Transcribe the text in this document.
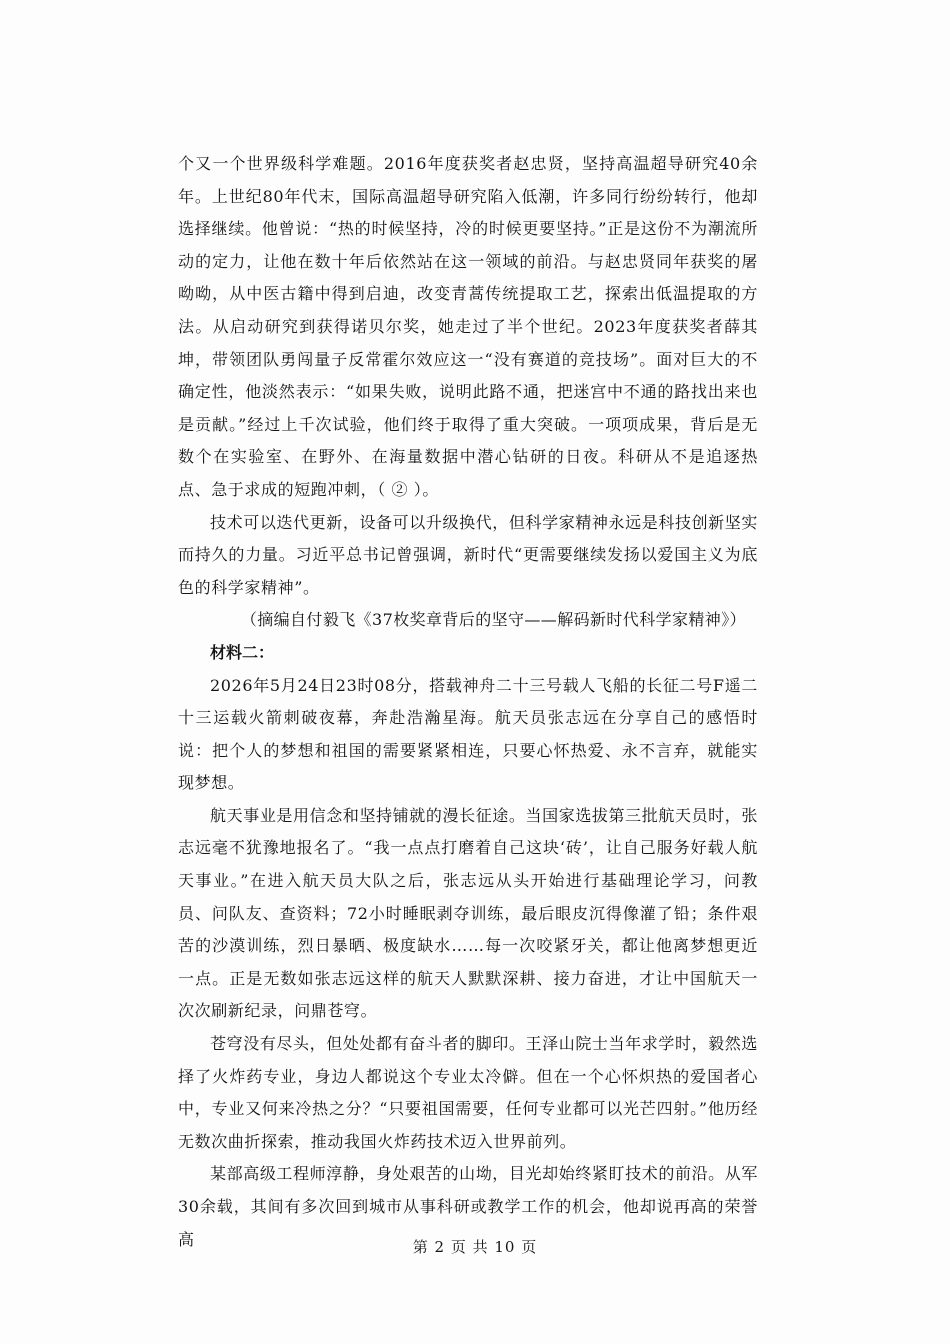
个又一个世界级科学难题。2016年度获奖者赵忠贤，坚持高温超导研究40余年。上世纪80年代末，国际高温超导研究陷入低潮，许多同行纷纷转行，他却选择继续。他曾说：“热的时候坚持，冷的时候更要坚持。”正是这份不为潮流所动的定力，让他在数十年后依然站在这一领域的前沿。与赵忠贤同年获奖的屠呦呦，从中医古籍中得到启迪，改变青蒿传统提取工艺，探索出低温提取的方法。从启动研究到获得诺贝尔奖，她走过了半个世纪。2023年度获奖者薛其坤，带领团队勇闯量子反常霍尔效应这一“没有赛道的竞技场”。面对巨大的不确定性，他淡然表示：“如果失败，说明此路不通，把迷宫中不通的路找出来也是贡献。”经过上千次试验，他们终于取得了重大突破。一项项成果，背后是无数个在实验室、在野外、在海量数据中潜心钻研的日夜。科研从不是追逐热点、急于求成的短跑冲刺，（ ② ）。

技术可以迭代更新，设备可以升级换代，但科学家精神永远是科技创新坚实而持久的力量。习近平总书记曾强调，新时代“更需要继续发扬以爱国主义为底色的科学家精神”。

（摘编自付毅飞《37枚奖章背后的坚守——解码新时代科学家精神》）

材料二：

2026年5月24日23时08分，搭载神舟二十三号载人飞船的长征二号F遥二十三运载火箭刺破夜幕，奔赴浩瀚星海。航天员张志远在分享自己的感悟时说：把个人的梦想和祖国的需要紧紧相连，只要心怀热爱、永不言弃，就能实现梦想。

航天事业是用信念和坚持铺就的漫长征途。当国家选拔第三批航天员时，张志远毫不犹豫地报名了。“我一点点打磨着自己这块‘砖’，让自己服务好载人航天事业。”在进入航天员大队之后，张志远从头开始进行基础理论学习，问教员、问队友、查资料；72小时睡眠剥夺训练，最后眼皮沉得像灌了铅；条件艰苦的沙漠训练，烈日暴晒、极度缺水……每一次咬紧牙关，都让他离梦想更近一点。正是无数如张志远这样的航天人默默深耕、接力奋进，才让中国航天一次次刷新纪录，问鼎苍穹。

苍穹没有尽头，但处处都有奋斗者的脚印。王泽山院士当年求学时，毅然选择了火炸药专业，身边人都说这个专业太冷僻。但在一个心怀炽热的爱国者心中，专业又何来冷热之分？“只要祖国需要，任何专业都可以光芒四射。”他历经无数次曲折探索，推动我国火炸药技术迈入世界前列。

某部高级工程师淳静，身处艰苦的山坳，目光却始终紧盯技术的前沿。从军30余载，其间有多次回到城市从事科研或教学工作的机会，他却说再高的荣誉高	第 2 页 共 10 页
